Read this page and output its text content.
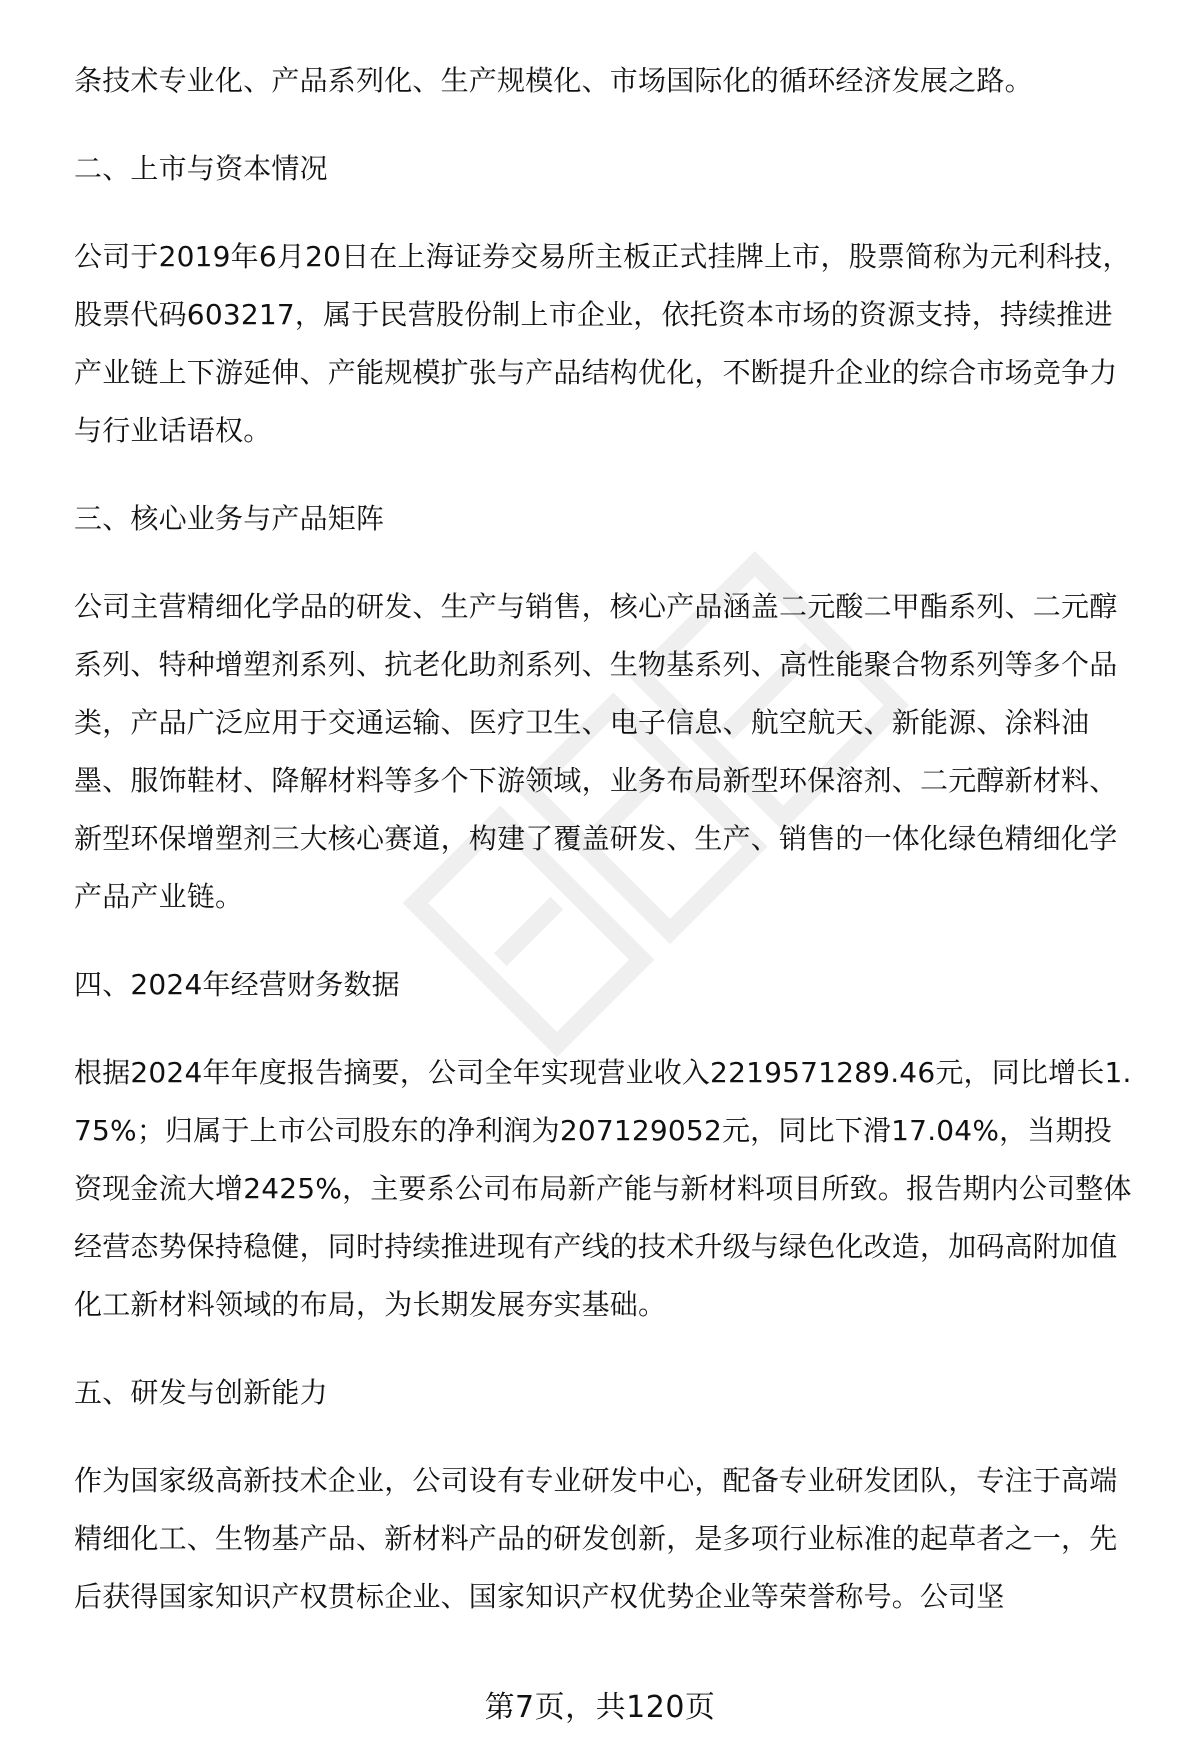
条技术专业化、产品系列化、生产规模化、市场国际化的循环经济发展之路。

二、上市与资本情况

公司于2019年6月20日在上海证券交易所主板正式挂牌上市，股票简称为元利科技，股票代码603217，属于民营股份制上市企业，依托资本市场的资源支持，持续推进产业链上下游延伸、产能规模扩张与产品结构优化，不断提升企业的综合市场竞争力与行业话语权。

三、核心业务与产品矩阵

公司主营精细化学品的研发、生产与销售，核心产品涵盖二元酸二甲酯系列、二元醇系列、特种增塑剂系列、抗老化助剂系列、生物基系列、高性能聚合物系列等多个品类，产品广泛应用于交通运输、医疗卫生、电子信息、航空航天、新能源、涂料油墨、服饰鞋材、降解材料等多个下游领域，业务布局新型环保溶剂、二元醇新材料、新型环保增塑剂三大核心赛道，构建了覆盖研发、生产、销售的一体化绿色精细化学产品产业链。

四、2024年经营财务数据

根据2024年年度报告摘要，公司全年实现营业收入2219571289.46元，同比增长1.75%；归属于上市公司股东的净利润为207129052元，同比下滑17.04%，当期投资现金流大增2425%，主要系公司布局新产能与新材料项目所致。报告期内公司整体经营态势保持稳健，同时持续推进现有产线的技术升级与绿色化改造，加码高附加值化工新材料领域的布局，为长期发展夯实基础。

五、研发与创新能力

作为国家级高新技术企业，公司设有专业研发中心，配备专业研发团队，专注于高端精细化工、生物基产品、新材料产品的研发创新，是多项行业标准的起草者之一，先后获得国家知识产权贯标企业、国家知识产权优势企业等荣誉称号。公司坚

第7页，共120页
